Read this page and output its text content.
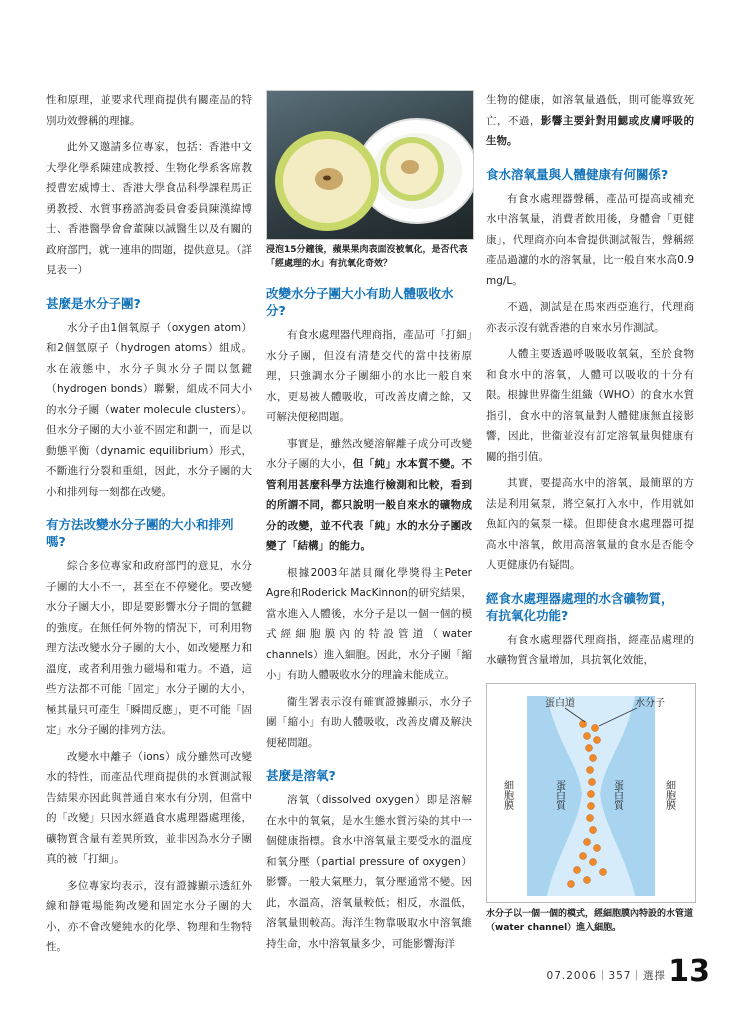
性和原理，並要求代理商提供有關產品的特別功效聲稱的理據。

此外又邀請多位專家，包括：香港中文大學化學系陳建成教授、生物化學系客席教授曹宏威博士、香港大學食品科學課程馬正勇教授、水質事務諮詢委員會委員陳漢緯博士、香港醫學會會董陳以誠醫生以及有關的政府部門，就一連串的問題，提供意見。（詳見表一）

甚麼是水分子團?

水分子由1個氧原子（oxygen atom）和2個氫原子（hydrogen atoms）組成。水在液態中，水分子與水分子間以氫鍵（hydrogen bonds）聯繫，組成不同大小的水分子團（water molecule clusters）。但水分子團的大小並不固定和劃一，而是以動態平衡（dynamic equilibrium）形式，不斷進行分裂和重組，因此，水分子團的大小和排列每一刻都在改變。

有方法改變水分子團的大小和排列嗎?

綜合多位專家和政府部門的意見，水分子團的大小不一，甚至在不停變化。要改變水分子團大小，即是要影響水分子間的氫鍵的強度。在無任何外物的情況下，可利用物理方法改變水分子團的大小，如改變壓力和溫度，或者利用強力磁場和電力。不過，這些方法都不可能「固定」水分子團的大小，極其量只可產生「瞬間反應」，更不可能「固定」水分子團的排列方法。

改變水中離子（ions）成分雖然可改變水的特性，而產品代理商提供的水質測試報告結果亦因此與普通自來水有分別，但當中的「改變」只因水經過食水處理器處理後，礦物質含量有差異所致，並非因為水分子團真的被「打細」。

多位專家均表示，沒有證據顯示透紅外線和靜電場能夠改變和固定水分子團的大小，亦不會改變純水的化學、物理和生物特性。

浸泡15分鐘後，蘋果果肉表面沒被氧化，是否代表「經處理的水」有抗氧化奇效？
改變水分子團大小有助人體吸收水分?

有食水處理器代理商指，產品可「打細」水分子團，但沒有清楚交代的當中技術原理，只強調水分子團細小的水比一般自來水，更易被人體吸收，可改善皮膚之餘，又可解決便秘問題。

事實是，雖然改變溶解離子成分可改變水分子團的大小，但「純」水本質不變。不管利用甚麼科學方法進行檢測和比較，看到的所謂不同，都只說明一般自來水的礦物成分的改變，並不代表「純」水的水分子團改變了「結構」的能力。

根據2003年諾貝爾化學獎得主Peter Agre和Roderick MacKinnon的研究結果，當水進入人體後，水分子是以一個一個的模式經細胞膜內的特設管道（water channels）進入細胞。因此，水分子團「縮小」有助人體吸收水分的理論未能成立。

衞生署表示沒有確實證據顯示，水分子團「縮小」有助人體吸收，改善皮膚及解決便秘問題。

甚麼是溶氧?

溶氧（dissolved oxygen）即是溶解在水中的氧氣，是水生態水質污染的其中一個健康指標。食水中溶氧量主要受水的溫度和氧分壓（partial pressure of oxygen）影響。一般大氣壓力，氧分壓通常不變。因此，水溫高，溶氧量較低；相反，水溫低，溶氧量則較高。海洋生物靠吸取水中溶氧維持生命，水中溶氧量多少，可能影響海洋

生物的健康，如溶氧量過低，則可能導致死亡，不過，影響主要針對用鰓或皮膚呼吸的生物。

食水溶氧量與人體健康有何關係?

有食水處理器聲稱，產品可提高或補充水中溶氧量，消費者飲用後，身體會「更健康」，代理商亦向本會提供測試報告，聲稱經產品過濾的水的溶氧量，比一般自來水高0.9 mg/L。

不過，測試是在馬來西亞進行，代理商亦表示沒有就香港的自來水另作測試。

人體主要透過呼吸吸收氧氣，至於食物和食水中的溶氧，人體可以吸收的十分有限。根據世界衞生組織（WHO）的食水水質指引，食水中的溶氧量對人體健康無直接影響，因此，世衞並沒有訂定溶氧量與健康有關的指引值。

其實，要提高水中的溶氧，最簡單的方法是利用氣泵，將空氣打入水中，作用就如魚缸內的氣泵一樣。但即使食水處理器可提高水中溶氧，飲用高溶氧量的食水是否能令人更健康仍有疑問。

經食水處理器處理的水含礦物質，
有抗氧化功能?

有食水處理器代理商指，經產品處理的水礦物質含量增加，具抗氧化效能，

蛋白道	水分子
細胞膜	蛋白質	蛋白質	細胞膜
水分子以一個一個的模式，經細胞膜內特設的水管道（water channel）進入細胞。
07.2006｜357｜選擇 13
